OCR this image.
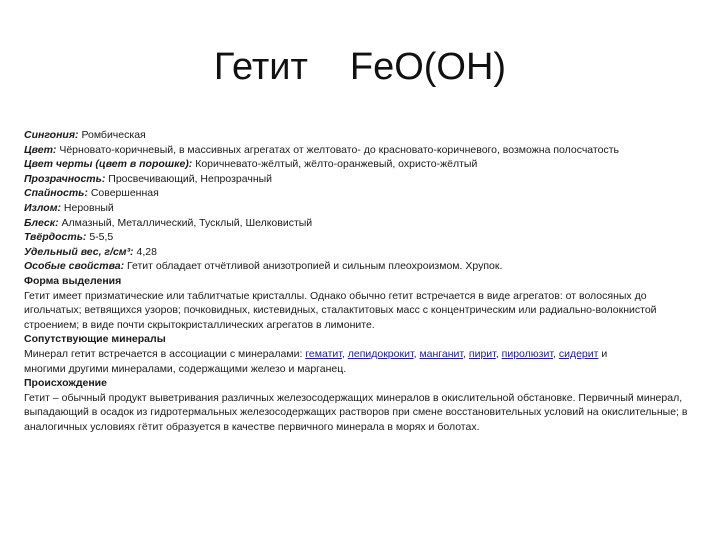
Гетит FeO(OH)
Сингония: Ромбическая
Цвет: Чёрновато-коричневый, в массивных агрегатах от желтовато- до красновато-коричневого, возможна полосчатость
Цвет черты (цвет в порошке): Коричневато-жёлтый, жёлто-оранжевый, охристо-жёлтый
Прозрачность: Просвечивающий, Непрозрачный
Спайность: Совершенная
Излом: Неровный
Блеск: Алмазный, Металлический, Тусклый, Шелковистый
Твёрдость: 5-5,5
Удельный вес, г/см³: 4,28
Особые свойства: Гетит обладает отчётливой анизотропией и сильным плеохроизмом. Хрупок.
Форма выделения
Гетит имеет призматические или таблитчатые кристаллы. Однако обычно гетит встречается в виде агрегатов: от волосяных до игольчатых; ветвящихся узоров; почковидных, кистевидных, сталактитовых масс с концентрическим или радиально-волокнистой строением; в виде почти скрытокристаллических агрегатов в лимоните.
Сопутствующие минералы
Минерал гетит встречается в ассоциации с минералами: гематит, лепидокрокит, манганит, пирит, пиролюзит, сидерит и
многими другими минералами, содержащими железо и марганец.
Происхождение
Гетит – обычный продукт выветривания различных железосодержащих минералов в окислительной обстановке. Первичный минерал, выпадающий в осадок из гидротермальных железосодержащих растворов при смене восстановительных условий на окислительные; в аналогичных условиях гётит образуется в качестве первичного минерала в морях и болотах.
